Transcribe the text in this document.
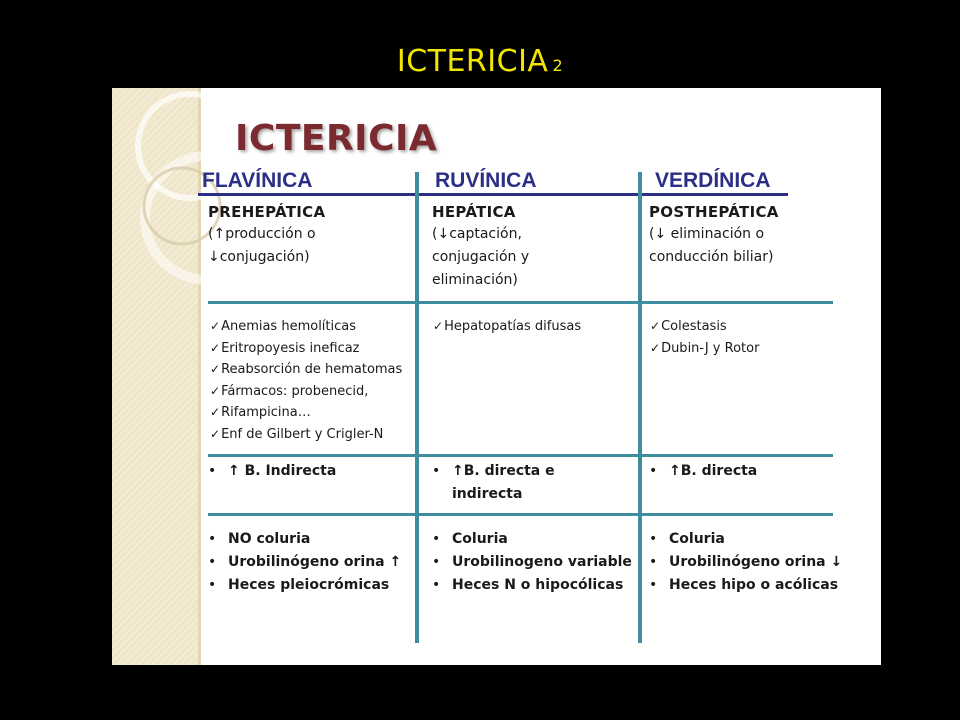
ICTERICIA 2
ICTERICIA
FLAVÍNICA	RUVÍNICA	VERDÍNICA
PREHEPÁTICA
(↑producción o
↓conjugación)
✓Anemias hemolíticas
✓Eritropoyesis ineficaz
✓Reabsorción de hematomas
✓Fármacos: probenecid,
✓Rifampicina…
✓Enf de Gilbert y Crigler-N
• ↑ B. Indirecta
• NO coluria
• Urobilinógeno orina ↑
• Heces pleiocrómicas
HEPÁTICA
(↓captación,
conjugación y
eliminación)
✓Hepatopatías difusas
• ↑B. directa e
indirecta
• Coluria
• Urobilinogeno variable
• Heces N o hipocólicas
POSTHEPÁTICA
(↓ eliminación o
conducción biliar)
✓Colestasis
✓Dubin-J y Rotor
• ↑B. directa
• Coluria
• Urobilinógeno orina ↓
• Heces hipo o acólicas
